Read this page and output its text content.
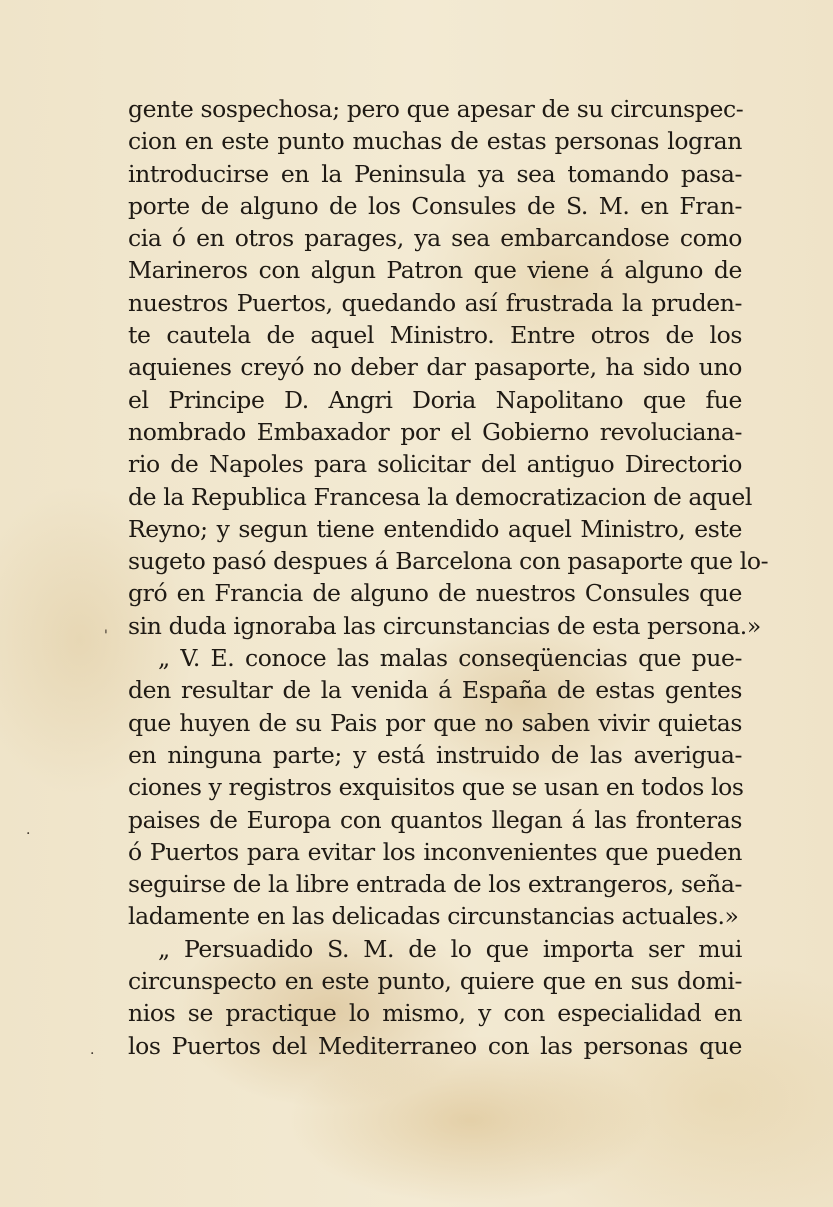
gente sospechosa; pero que apesar de su circunspec-
cion en este punto muchas de estas personas logran
introducirse en la Peninsula ya sea tomando pasa-
porte de alguno de los Consules de S. M. en Fran-
cia ó en otros parages, ya sea embarcandose como
Marineros con algun Patron que viene á alguno de
nuestros Puertos, quedando así frustrada la pruden-
te cautela de aquel Ministro. Entre otros de los
aquienes creyó no deber dar pasaporte, ha sido uno
el Principe D. Angri Doria Napolitano que fue
nombrado Embaxador por el Gobierno revolucianа-
rio de Napoles para solicitar del antiguo Directorio
de la Republica Francesa la democratizacion de aquel
Reyno; y segun tiene entendido aquel Ministro, este
sugeto pasó despues á Barcelona con pasaporte que lo-
gró en Francia de alguno de nuestros Consules que
sin duda ignoraba las circunstancias de esta persona.»
„ V. E. conoce las malas conseqüencias que pue-
den resultar de la venida á España de estas gentes
que huyen de su Pais por que no saben vivir quietas
en ninguna parte; y está instruido de las averigua-
ciones y registros exquisitos que se usan en todos los
paises de Europa con quantos llegan á las fronteras
ó Puertos para evitar los inconvenientes que pueden
seguirse de la libre entrada de los extrangeros, seña-
ladamente en las delicadas circunstancias actuales.»
„ Persuadido S. M. de lo que importa ser mui
circunspecto en este punto, quiere que en sus domi-
nios se practique lo mismo, y con especialidad en
los Puertos del Mediterraneo con las personas que
'
·
·
